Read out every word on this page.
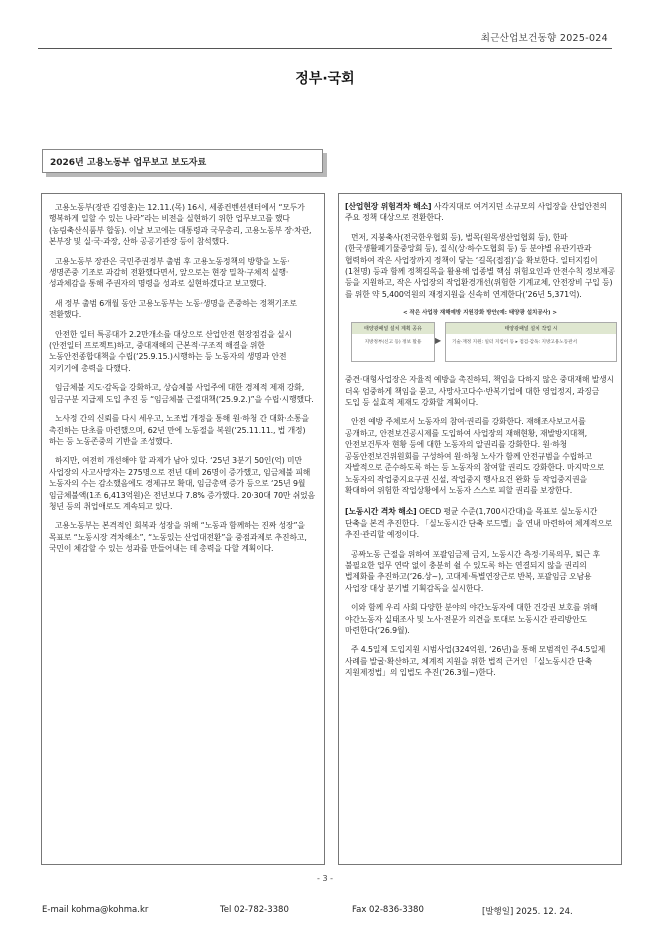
최근산업보건동향 2025-024
정부·국회
2026년 고용노동부 업무보고 보도자료

고용노동부(장관 김영훈)는 12.11.(목) 16시, 세종컨벤션센터에서 “모두가 행복하게 일할 수 있는 나라”라는 비전을 실현하기 위한 업무보고를 했다(농림축산식품부 합동). 이날 보고에는 대통령과 국무총리, 고용노동부 장·차관, 본부장 및 실·국·과장, 산하 공공기관장 등이 참석했다.

고용노동부 장관은 국민주권정부 출범 후 고용노동정책의 방향을 노동·생명존중 기조로 과감히 전환했다면서, 앞으로는 현장 밀착·구체적 실행·성과체감을 통해 주권자의 명령을 성과로 실현하겠다고 보고했다.

새 정부 출범 6개월 동안 고용노동부는 노동·생명을 존중하는 정책기조로 전환했다.

안전한 일터 특공대가 2.2만개소를 대상으로 산업안전 현장점검을 실시(안전일터 프로젝트)하고, 중대재해의 근본적·구조적 해결을 위한 노동안전종합대책을 수립(‘25.9.15.)시행하는 등 노동자의 생명과 안전 지키기에 총력을 다했다.

임금체불 지도·감독을 강화하고, 상습체불 사업주에 대한 경제적 제재 강화, 임금구분 지급제 도입 추진 등 “임금체불 근절대책(‘25.9.2.)”을 수립·시행했다.

노사정 간의 신뢰를 다시 세우고, 노조법 개정을 통해 원·하청 간 대화·소통을 촉진하는 단초를 마련했으며, 62년 만에 노동절을 복원(‘25.11.11., 법 개정)하는 등 노동존중의 기반을 조성했다.

하지만, 여전히 개선해야 할 과제가 남아 있다. ‘25년 3분기 50인(억) 미만 사업장의 사고사망자는 275명으로 전년 대비 26명이 증가했고, 임금체불 피해 노동자의 수는 감소했음에도 경제규모 확대, 임금총액 증가 등으로 ‘25년 9월 임금체불액(1조 6,413억원)은 전년보다 7.8% 증가했다. 20·30대 70만 쉬었음 청년 등의 취업애로도 계속되고 있다.

고용노동부는 본격적인 회복과 성장을 위해 “노동과 함께하는 진짜 성장”을 목표로 “노동시장 격차해소”, “노동있는 산업대전환”을 중점과제로 추진하고, 국민이 체감할 수 있는 성과를 만들어내는 데 총력을 다할 계획이다.

[산업현장 위험격차 해소] 사각지대로 여겨지던 소규모의 사업장을 산업안전의 주요 정책 대상으로 전환한다.

먼저, 지붕축사(전국한우협회 등), 벌목(원목생산업협회 등), 한파(한국생활폐기물중앙회 등), 질식(상·하수도협회 등) 등 분야별 유관기관과 협력하여 작은 사업장까지 정책이 닿는 ‘길목(접점)’을 확보한다. 일터지킴이(1천명) 등과 함께 정책길목을 활용해 업종별 핵심 위험요인과 안전수칙 정보제공 등을 지원하고, 작은 사업장의 작업환경개선(위험한 기계교체, 안전장비 구입 등)를 위한 약 5,400억원의 재정지원을 신속히 연계한다(’26년 5,371억).

< 작은 사업장 재해예방 지원강화 방안(예: 태양광 설치공사) >
태양광패널 설치 계획 공유
지방정부(신고 등) 정보 활용	▶
태양광패널 설치 작업 시
기술·재정 지원: 일터 지킴이 등 ▸ 점검·감독: 지방고용노동관서

중견·대형사업장은 자율적 예방을 촉진하되, 책임을 다하지 않은 중대재해 발생시 더욱 엄중하게 책임을 묻고, 사망사고다수·반복기업에 대한 영업정지, 과징금 도입 등 실효적 제재도 강화할 계획이다.

안전 예방 주체로서 노동자의 참여·권리를 강화한다. 재해조사보고서를 공개하고, 안전보건공시제를 도입하여 사업장의 재해현황, 재발방지대책, 안전보건투자 현황 등에 대한 노동자의 알권리를 강화한다. 원·하청 공동안전보건위원회를 구성하여 원·하청 노사가 함께 안전규범을 수립하고 자발적으로 준수하도록 하는 등 노동자의 참여할 권리도 강화한다. 마지막으로 노동자의 작업중지요구권 신설, 작업중지 행사요건 완화 등 작업중지권을 확대하여 위험한 작업상황에서 노동자 스스로 피할 권리를 보장한다.

[노동시간 격차 해소] OECD 평균 수준(1,700시간대)을 목표로 실노동시간 단축을 본격 추진한다. 「실노동시간 단축 로드맵」을 연내 마련하여 체계적으로 추진·관리할 예정이다.

공짜노동 근절을 위하여 포괄임금제 금지, 노동시간 측정·기록의무, 퇴근 후 불필요한 업무 연락 없이 충분히 쉴 수 있도록 하는 연결되지 않을 권리의 법제화를 추진하고(‘26.상~), 고대제·특별연장근로 반복, 포괄임금 오남용 사업장 대상 분기별 기획감독을 실시한다.

이와 함께 우리 사회 다양한 분야의 야간노동자에 대한 건강권 보호를 위해 야간노동자 실태조사 및 노사·전문가 의견을 토대로 노동시간 관리방안도 마련한다(‘26.9월).

주 4.5일제 도입지원 시범사업(324억원, ‘26년)을 통해 모범적인 주4.5일제 사례를 발굴·확산하고, 체계적 지원을 위한 법적 근거인 「실노동시간 단축 지원제정법」의 입법도 추진(‘26.3월~)한다.

- 3 -
E-mail kohma@kohma.kr	Tel 02-782-3380	Fax 02-836-3380	[발행일] 2025. 12. 24.
